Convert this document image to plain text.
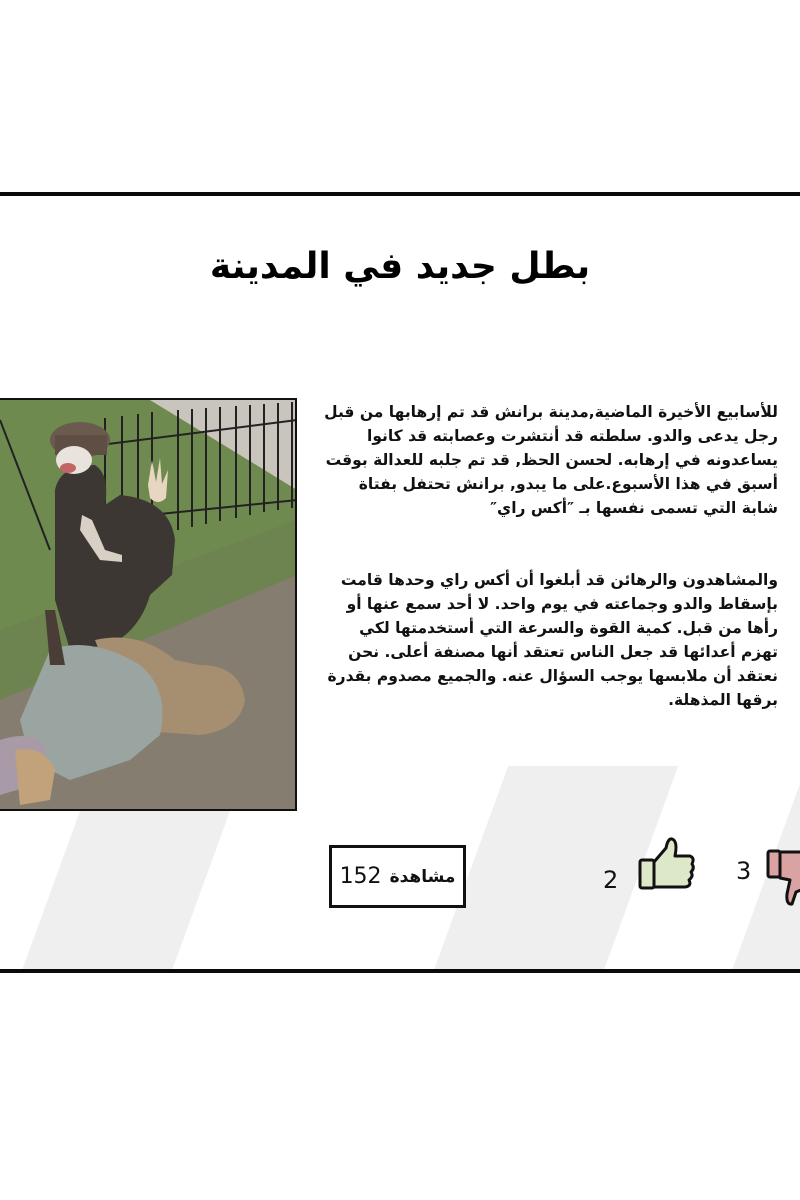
بطل جديد في المدينة

للأسابيع الأخيرة الماضية,مدينة برانش قد تم إرهابها من قبل رجل يدعى والدو. سلطته قد أنتشرت وعصابته قد كانوا يساعدونه في إرهابه. لحسن الحظ, قد تم جلبه للعدالة بوقت أسبق في هذا الأسبوع.على ما يبدو, برانش تحتفل بفتاة شابة التي تسمى نفسها بـ ″أكس راي″

والمشاهدون والرهائن قد أبلغوا أن أكس راي وحدها قامت بإسقاط والدو وجماعته في يوم واحد. لا أحد سمع عنها أو رأها من قبل. كمية القوة والسرعة التي أستخدمتها لكي تهزم أعدائها قد جعل الناس تعتقد أنها مصنفة أعلى. نحن نعتقد أن ملابسها يوجب السؤال عنه. والجميع مصدوم بقدرة برقها المذهلة.

152 مشاهدة	2	3
